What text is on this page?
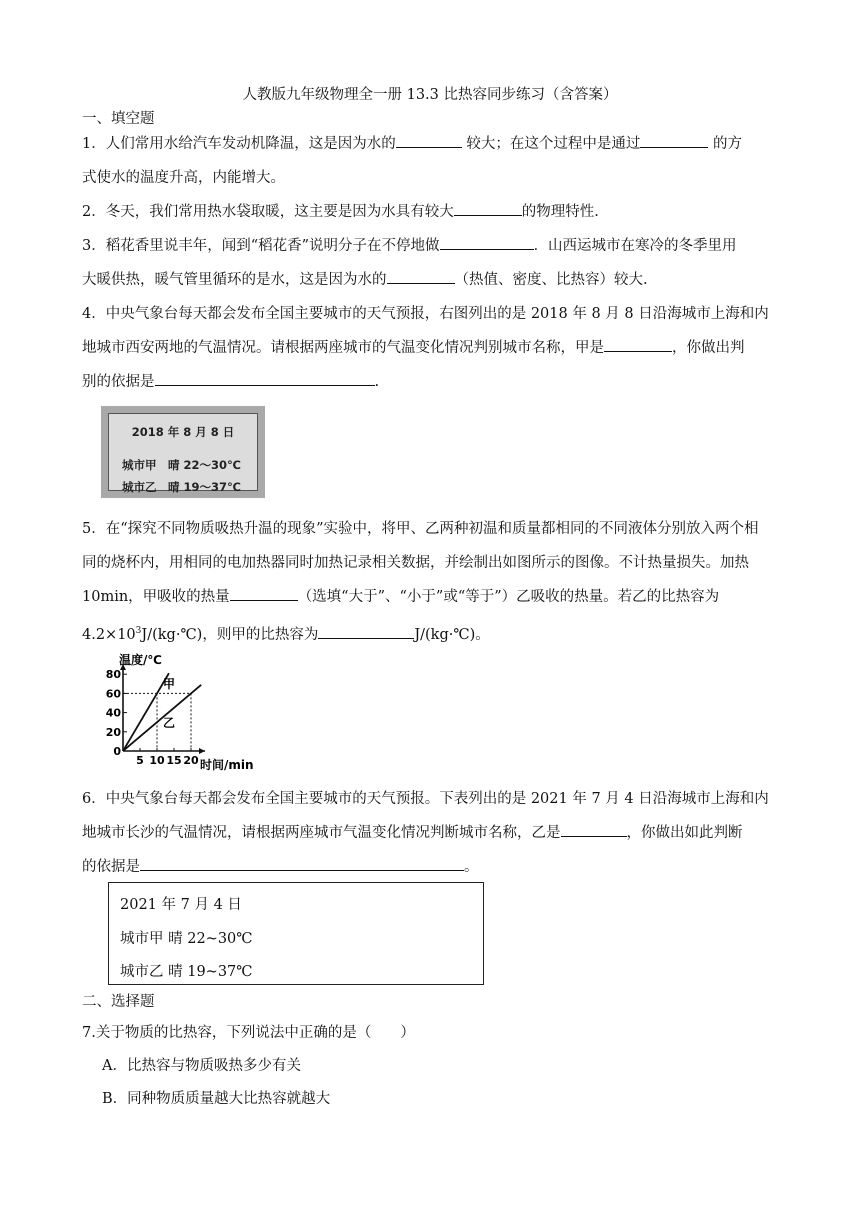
人教版九年级物理全一册 13.3 比热容同步练习（含答案）
一、填空题
1．人们常用水给汽车发动机降温，这是因为水的	较大；在这个过程中是通过	的方
式使水的温度升高，内能增大。
2．冬天，我们常用热水袋取暖，这主要是因为水具有较大	的物理特性.
3．稻花香里说丰年，闻到“稻花香”说明分子在不停地做	．山西运城市在寒冷的冬季里用
大暖供热，暖气管里循环的是水，这是因为水的	（热值、密度、比热容）较大.
4．中央气象台每天都会发布全国主要城市的天气预报，右图列出的是 2018 年 8 月 8 日沿海城市上海和内
地城市西安两地的气温情况。请根据两座城市的气温变化情况判别城市名称，甲是	，你做出判
别的依据是	.
2018 年 8 月 8 日
城市甲　晴 22～30℃
城市乙　晴 19～37℃
5．在“探究不同物质吸热升温的现象”实验中，将甲、乙两种初温和质量都相同的不同液体分别放入两个相
同的烧杯内，用相同的电加热器同时加热记录相关数据，并绘制出如图所示的图像。不计热量损失。加热
10min，甲吸收的热量	（选填“大于”、“小于”或“等于”）乙吸收的热量。若乙的比热容为
$4.2\times 10^3J/(kg\cdot℃)$，则甲的比热容为	J/(kg·℃)。
0
20
40
60
80
5 10 15 20
温度/℃
时间/min
甲
乙
6．中央气象台每天都会发布全国主要城市的天气预报。下表列出的是 2021 年 7 月 4 日沿海城市上海和内
地城市长沙的气温情况，请根据两座城市气温变化情况判断城市名称，乙是	，你做出如此判断
的依据是	。
2021 年 7 月 4 日
城市甲 晴 22~30℃
城市乙 晴 19~37℃
二、选择题
7.关于物质的比热容，下列说法中正确的是（　　）
A．比热容与物质吸热多少有关
B．同种物质质量越大比热容就越大
